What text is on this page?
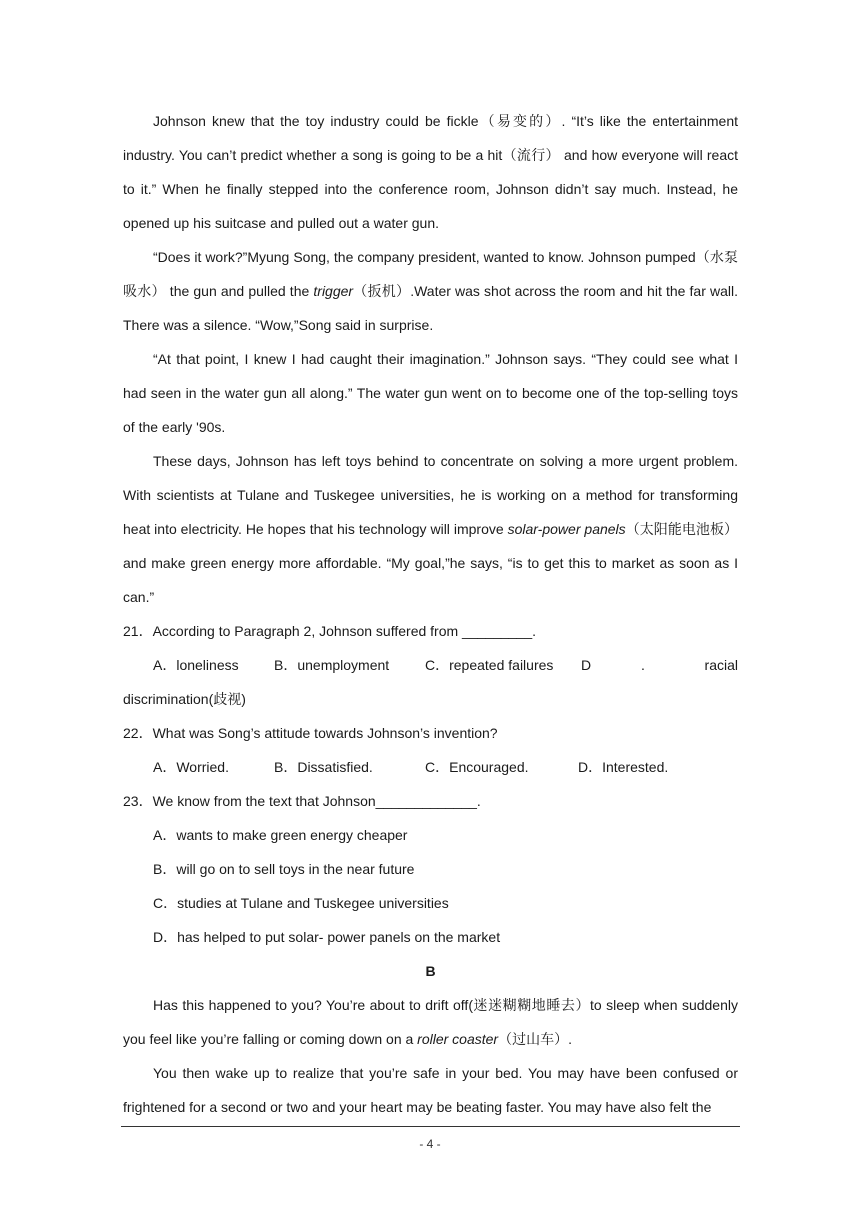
Johnson knew that the toy industry could be fickle（易变的）. “It’s like the entertainment industry. You can’t predict whether a song is going to be a hit（流行） and how everyone will react to it.” When he finally stepped into the conference room, Johnson didn’t say much. Instead, he opened up his suitcase and pulled out a water gun.

“Does it work?”Myung Song, the company president, wanted to know. Johnson pumped（水泵吸水） the gun and pulled the trigger（扳机）.Water was shot across the room and hit the far wall. There was a silence. “Wow,”Song said in surprise.

“At that point, I knew I had caught their imagination.” Johnson says. “They could see what I had seen in the water gun all along.” The water gun went on to become one of the top-selling toys of the early '90s.

These days, Johnson has left toys behind to concentrate on solving a more urgent problem. With scientists at Tulane and Tuskegee universities, he is working on a method for transforming heat into electricity. He hopes that his technology will improve solar-power panels（太阳能电池板） and make green energy more affordable. “My goal,”he says, “is to get this to market as soon as I can.”

21．According to Paragraph 2, Johnson suffered from _________.

A．loneliness	B．unemployment	C．repeated failures	D	.	racial

discrimination(歧视)

22．What was Song’s attitude towards Johnson’s invention?

A．Worried.	B．Dissatisfied.	C．Encouraged.	D．Interested.

23．We know from the text that Johnson_____________.

A．wants to make green energy cheaper

B．will go on to sell toys in the near future

C．studies at Tulane and Tuskegee universities

D．has helped to put solar- power panels on the market

B

Has this happened to you? You’re about to drift off(迷迷糊糊地睡去）to sleep when suddenly you feel like you’re falling or coming down on a roller coaster（过山车）.

You then wake up to realize that you’re safe in your bed. You may have been confused or frightened for a second or two and your heart may be beating faster. You may have also felt the

- 4 -
